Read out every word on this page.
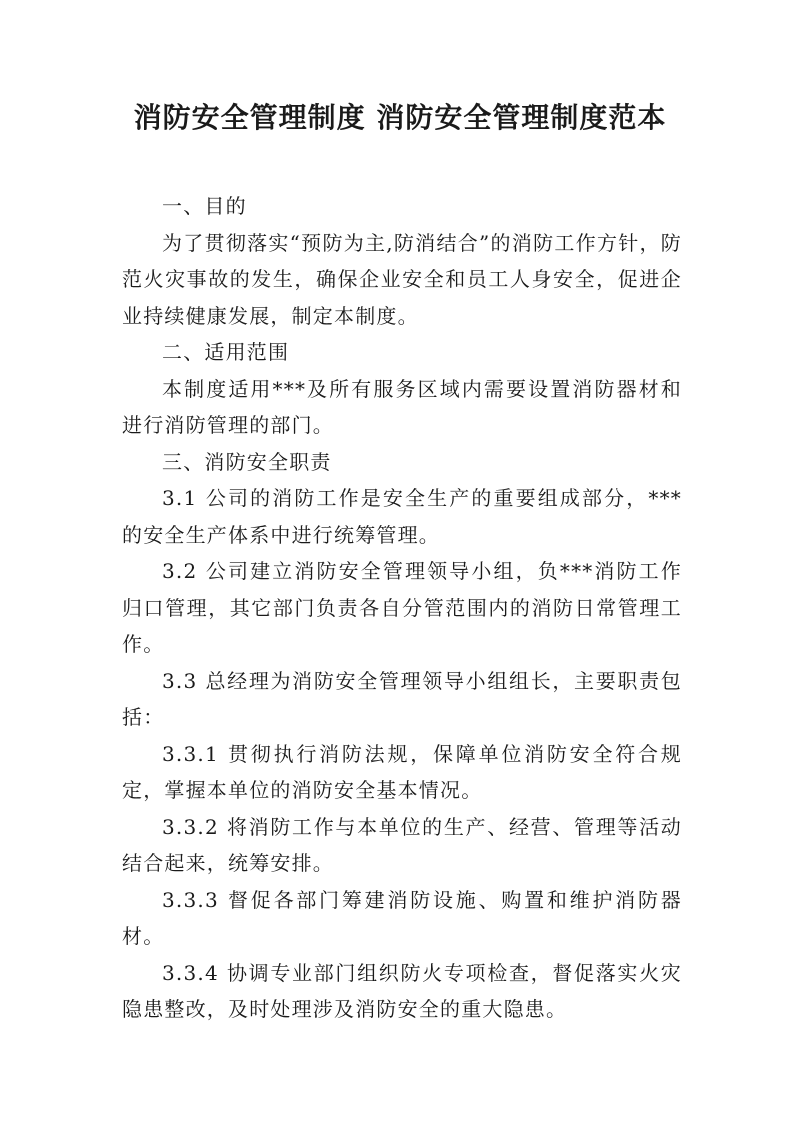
消防安全管理制度 消防安全管理制度范本

一、目的

为了贯彻落实“预防为主,防消结合”的消防工作方针，防范火灾事故的发生，确保企业安全和员工人身安全，促进企业持续健康发展，制定本制度。

二、适用范围

本制度适用***及所有服务区域内需要设置消防器材和进行消防管理的部门。

三、消防安全职责

3.1 公司的消防工作是安全生产的重要组成部分，***的安全生产体系中进行统筹管理。

3.2 公司建立消防安全管理领导小组，负***消防工作归口管理，其它部门负责各自分管范围内的消防日常管理工作。

3.3 总经理为消防安全管理领导小组组长，主要职责包括：

3.3.1 贯彻执行消防法规，保障单位消防安全符合规定，掌握本单位的消防安全基本情况。

3.3.2 将消防工作与本单位的生产、经营、管理等活动结合起来，统筹安排。

3.3.3 督促各部门筹建消防设施、购置和维护消防器材。

3.3.4 协调专业部门组织防火专项检查，督促落实火灾隐患整改，及时处理涉及消防安全的重大隐患。
